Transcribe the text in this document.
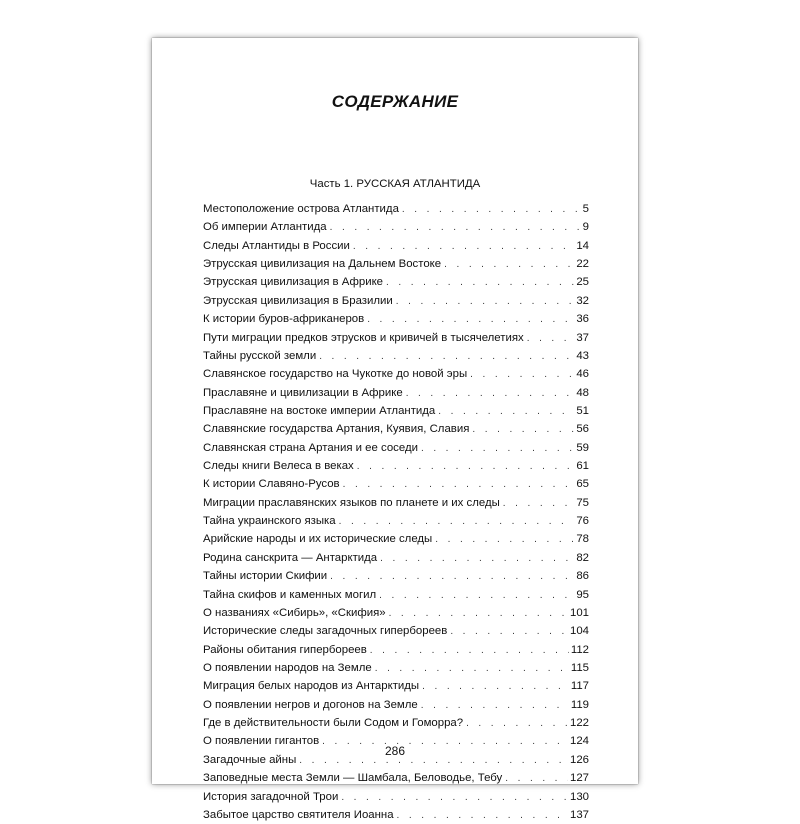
СОДЕРЖАНИЕ
Часть 1. РУССКАЯ АТЛАНТИДА
Местоположение острова Атлантида . . .	5
Об империи Атлантида . . .	9
Следы Атлантиды в России . . .	14
Этрусская цивилизация на Дальнем Востоке . . .	22
Этрусская цивилизация в Африке . . .	25
Этрусская цивилизация в Бразилии . . .	32
К истории буров-африканеров . . .	36
Пути миграции предков этрусков и кривичей в тысячелетиях . . .	37
Тайны русской земли . . .	43
Славянское государство на Чукотке до новой эры . . .	46
Праславяне и цивилизации в Африке . . .	48
Праславяне на востоке империи Атлантида . . .	51
Славянские государства Артания, Куявия, Славия . . .	56
Славянская страна Артания и ее соседи . . .	59
Следы книги Велеса в веках . . .	61
К истории Славяно-Русов . . .	65
Миграции праславянских языков по планете и их следы . . .	75
Тайна украинского языка . . .	76
Арийские народы и их исторические следы . . .	78
Родина санскрита — Антарктида . . .	82
Тайны истории Скифии . . .	86
Тайна скифов и каменных могил . . .	95
О названиях «Сибирь», «Скифия» . . .	101
Исторические следы загадочных гипербореев . . .	104
Районы обитания гипербореев . . .	112
О появлении народов на Земле . . .	115
Миграция белых народов из Антарктиды . . .	117
О появлении негров и догонов на Земле . . .	119
Где в действительности были Содом и Гоморра? . . .	122
О появлении гигантов . . .	124
Загадочные айны . . .	126
Заповедные места Земли — Шамбала, Беловодье, Тебу . . .	127
История загадочной Трои . . .	130
Забытое царство святителя Иоанна . . .	137
286
